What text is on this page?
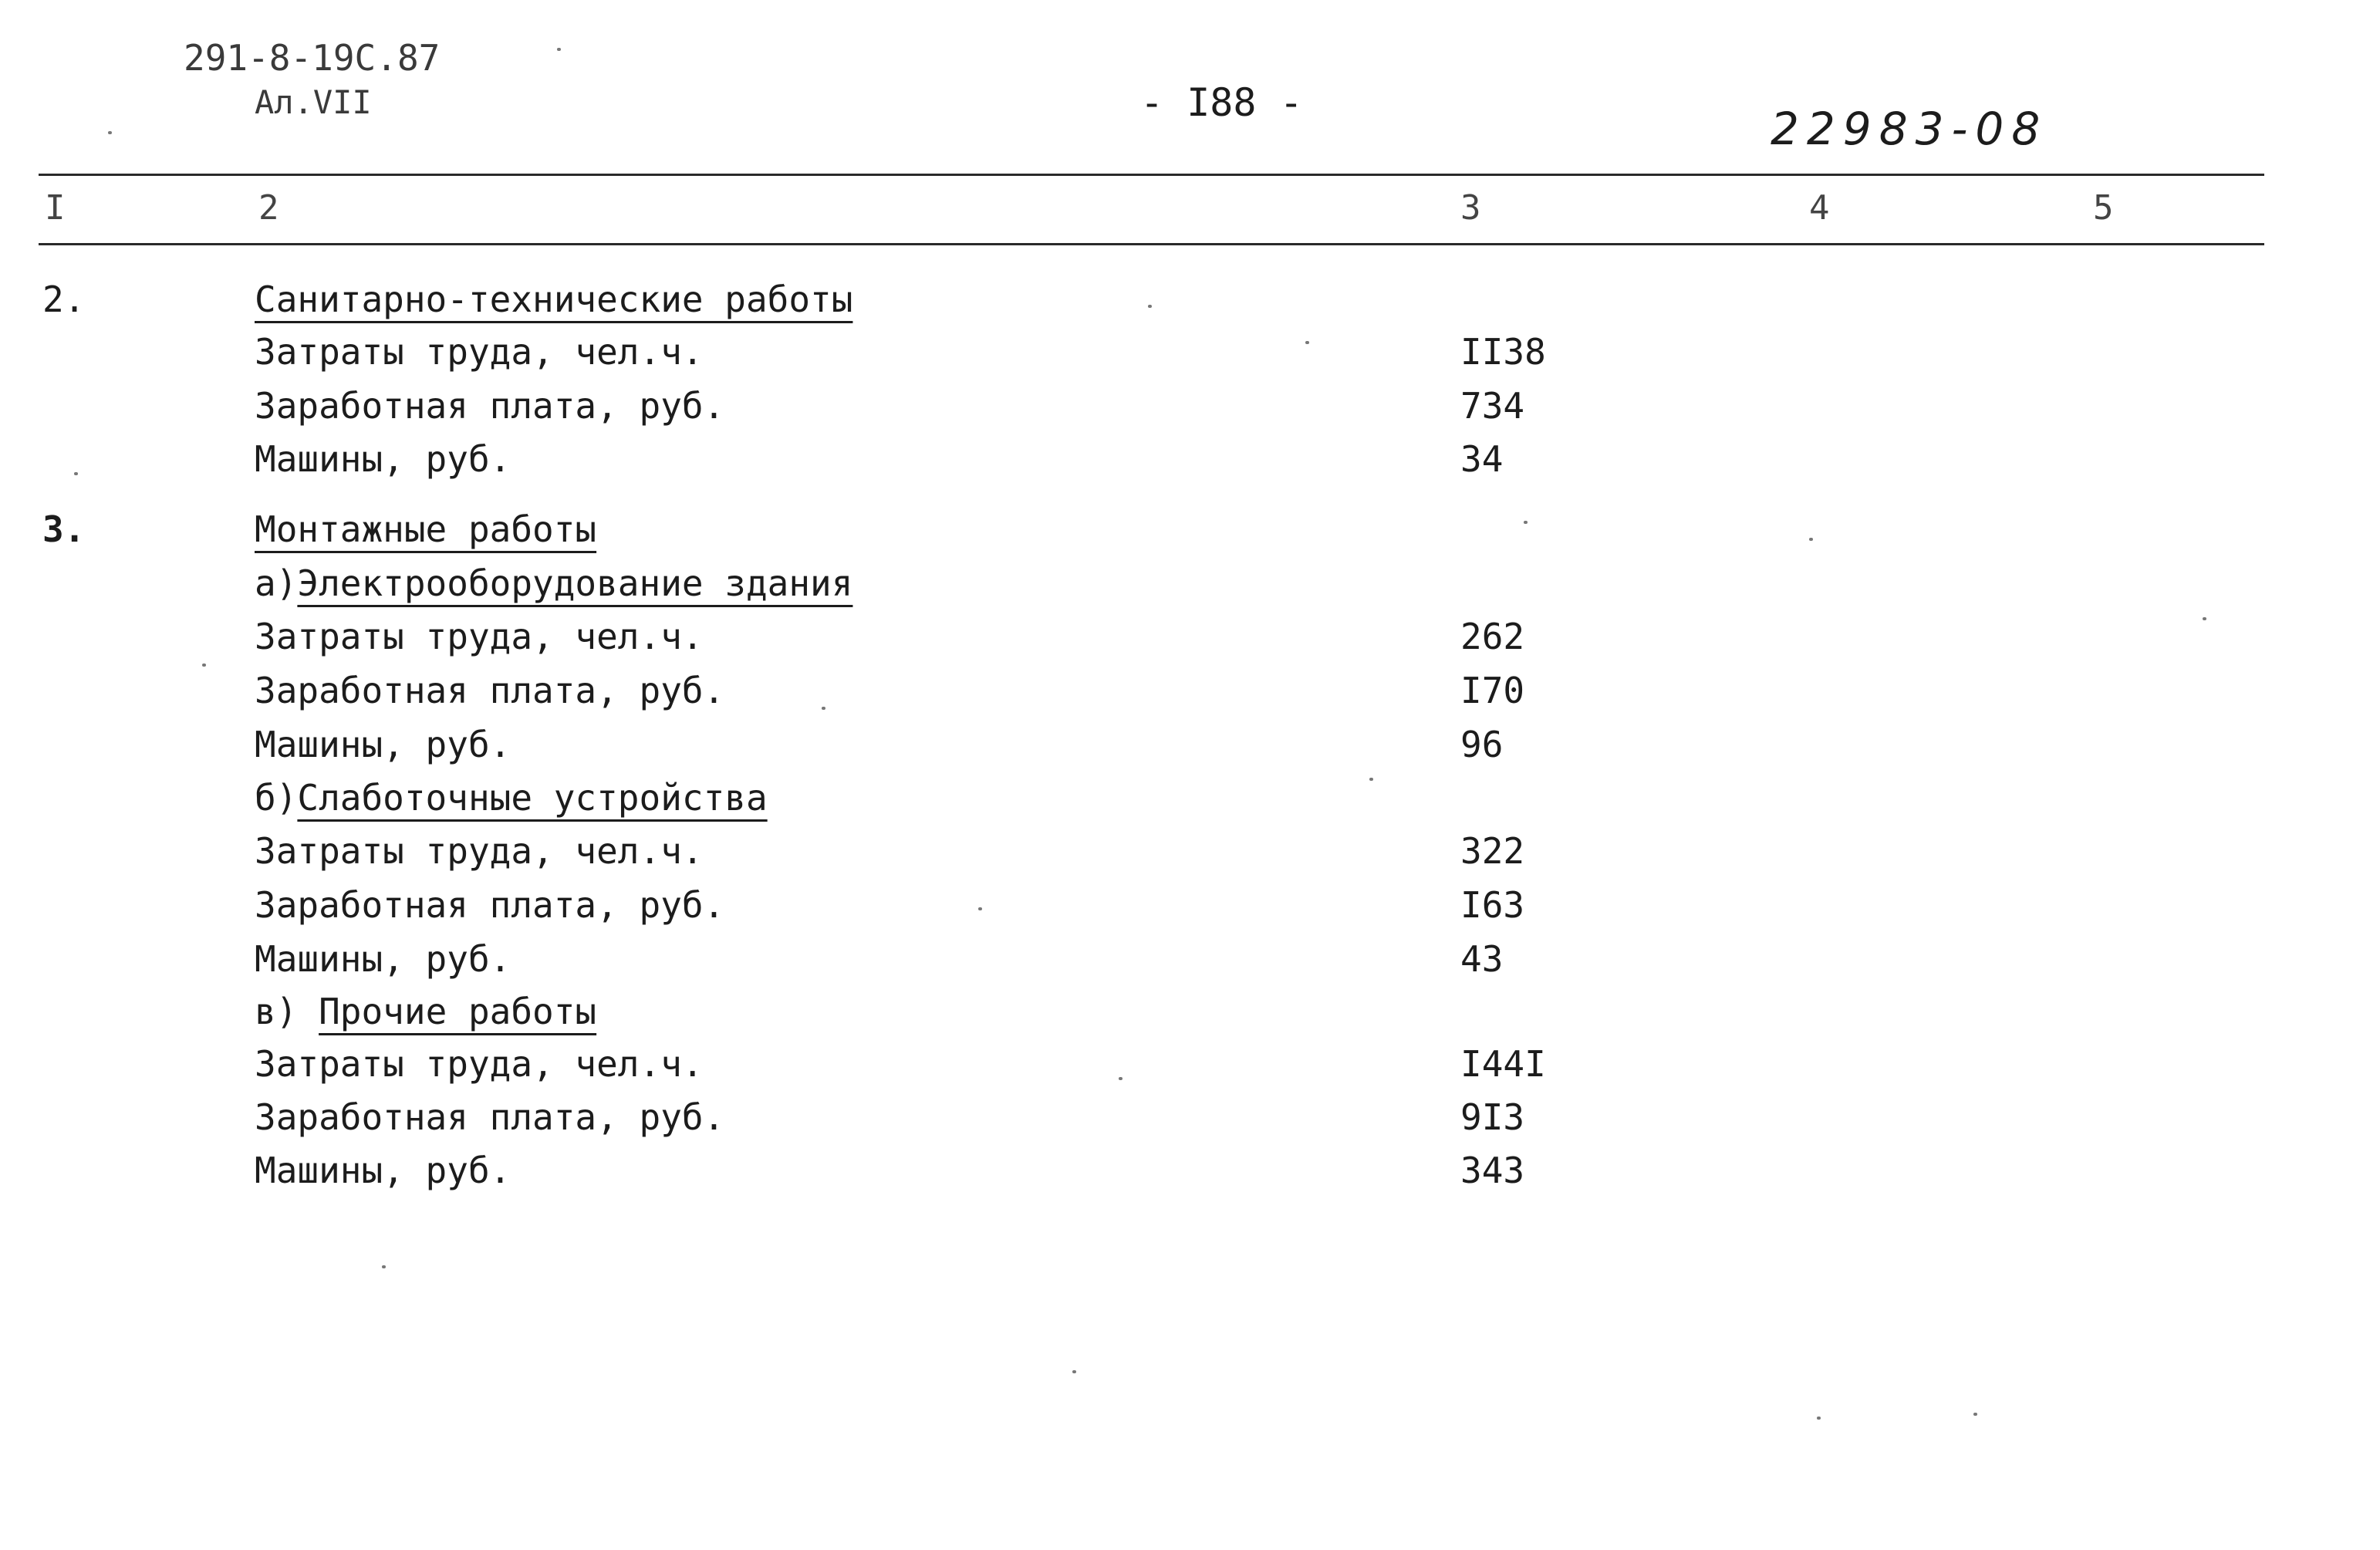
291-8-19С.87
Ал.VII	- I88 -	22983-08
I	2	3	4	5
2.	Санитарно-технические работы
Затраты труда, чел.ч.	II38
Заработная плата, руб.	734
Машины, руб.	34
3.	Монтажные работы
а)Электрооборудование здания
Затраты труда, чел.ч.	262
Заработная плата, руб.	I70
Машины, руб.	96
б)Слаботочные устройства
Затраты труда, чел.ч.	322
Заработная плата, руб.	I63
Машины, руб.	43
в) Прочие работы
Затраты труда, чел.ч.	I44I
Заработная плата, руб.	9I3
Машины, руб.	343
